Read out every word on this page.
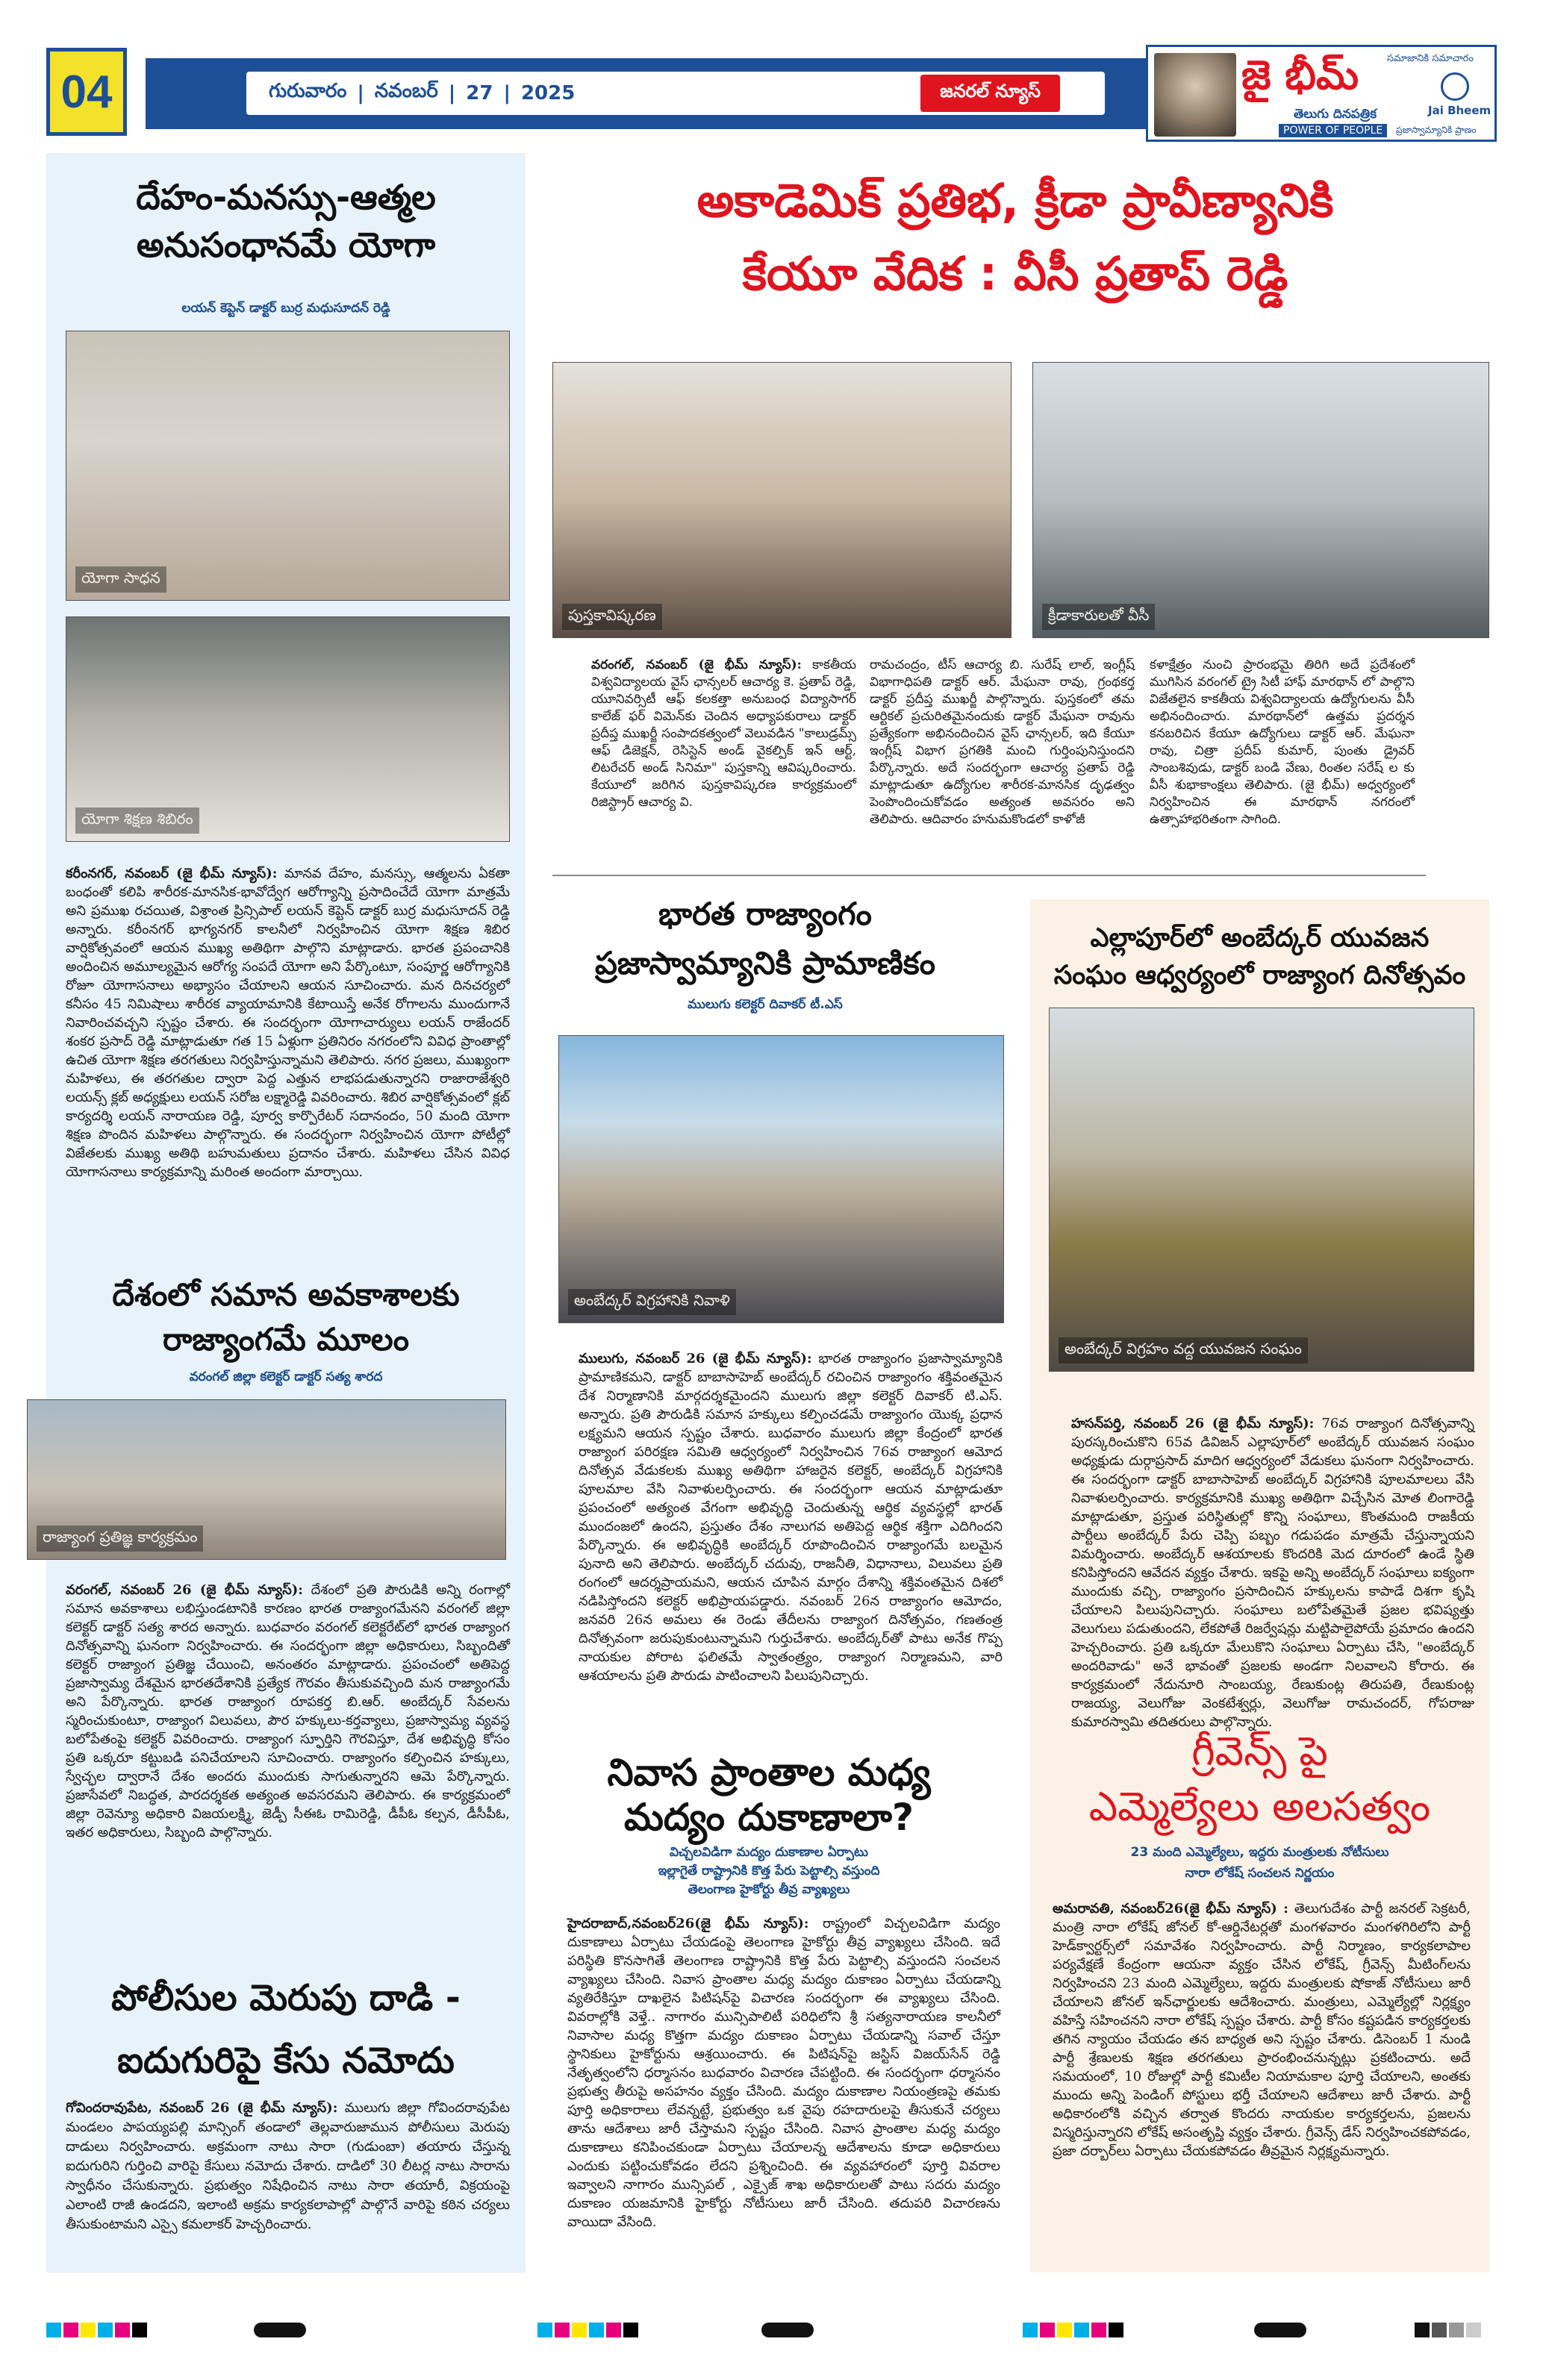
04	గురువారం | నవంబర్ | 27 | 2025	జనరల్ న్యూస్	జై భీమ్	సమాజానికి సమాచారం
తెలుగు దినపత్రిక
POWER OF PEOPLE
Jai Bheem
ప్రజాస్వామ్యానికి ప్రాణం
దేహం-మనస్సు-ఆత్మల
అనుసంధానమే యోగా
లయన్ కెప్టెన్ డాక్టర్ బుర్ర మధుసూదన్ రెడ్డి
యోగా సాధన
యోగా శిక్షణ శిబిరం
కరీంనగర్, నవంబర్ (జై భీమ్ న్యూస్): మానవ దేహం, మనస్సు, ఆత్మలను ఏకతా బంధంతో కలిపి శారీరక-మానసిక-భావోద్వేగ ఆరోగ్యాన్ని ప్రసాదించేదే యోగా మాత్రమే అని ప్రముఖ రచయిత, విశ్రాంత ప్రిన్సిపాల్ లయన్ కెప్టెన్ డాక్టర్ బుర్ర మధుసూదన్ రెడ్డి అన్నారు. కరీంనగర్ భాగ్యనగర్ కాలనీలో నిర్వహించిన యోగా శిక్షణ శిబిర వార్షికోత్సవంలో ఆయన ముఖ్య అతిథిగా పాల్గొని మాట్లాడారు. భారత ప్రపంచానికి అందించిన అమూల్యమైన ఆరోగ్య సంపదే యోగా అని పేర్కొంటూ, సంపూర్ణ ఆరోగ్యానికి రోజూ యోగాసనాలు అభ్యాసం చేయాలని ఆయన సూచించారు. మన దినచర్యలో కనీసం 45 నిమిషాలు శారీరక వ్యాయామానికి కేటాయిస్తే అనేక రోగాలను ముందుగానే నివారించవచ్చని స్పష్టం చేశారు. ఈ సందర్భంగా యోగాచార్యులు లయన్ రాజేందర్ శంకర ప్రసాద్ రెడ్డి మాట్లాడుతూ గత 15 ఏళ్లుగా ప్రతినిరం నగరంలోని వివిధ ప్రాంతాల్లో ఉచిత యోగా శిక్షణ తరగతులు నిర్వహిస్తున్నామని తెలిపారు. నగర ప్రజలు, ముఖ్యంగా మహిళలు, ఈ తరగతుల ద్వారా పెద్ద ఎత్తున లాభపడుతున్నారని రాజారాజేశ్వరి లయన్స్ క్లబ్ అధ్యక్షులు లయన్ సరోజ లక్ష్మారెడ్డి వివరించారు. శిబిర వార్షికోత్సవంలో క్లబ్ కార్యదర్శి లయన్ నారాయణ రెడ్డి, పూర్వ కార్పొరేటర్ సదానందం, 50 మంది యోగా శిక్షణ పొందిన మహిళలు పాల్గొన్నారు. ఈ సందర్భంగా నిర్వహించిన యోగా పోటీల్లో విజేతలకు ముఖ్య అతిథి బహుమతులు ప్రదానం చేశారు. మహిళలు చేసిన వివిధ యోగాసనాలు కార్యక్రమాన్ని మరింత అందంగా మార్చాయి.
దేశంలో సమాన అవకాశాలకు
రాజ్యాంగమే మూలం
వరంగల్ జిల్లా కలెక్టర్ డాక్టర్ సత్య శారద
రాజ్యాంగ ప్రతిజ్ఞ కార్యక్రమం
వరంగల్, నవంబర్ 26 (జై భీమ్ న్యూస్): దేశంలో ప్రతి పౌరుడికి అన్ని రంగాల్లో సమాన అవకాశాలు లభిస్తుండటానికి కారణం భారత రాజ్యాంగమేనని వరంగల్ జిల్లా కలెక్టర్ డాక్టర్ సత్య శారద అన్నారు. బుధవారం వరంగల్ కలెక్టరేట్‌లో భారత రాజ్యాంగ దినోత్సవాన్ని ఘనంగా నిర్వహించారు. ఈ సందర్భంగా జిల్లా అధికారులు, సిబ్బందితో కలెక్టర్ రాజ్యాంగ ప్రతిజ్ఞ చేయించి, అనంతరం మాట్లాడారు. ప్రపంచంలో అతిపెద్ద ప్రజాస్వామ్య దేశమైన భారతదేశానికి ప్రత్యేక గౌరవం తీసుకువచ్చింది మన రాజ్యాంగమే అని పేర్కొన్నారు. భారత రాజ్యాంగ రూపకర్త బి.ఆర్. అంబేద్కర్ సేవలను స్మరించుకుంటూ, రాజ్యాంగ విలువలు, పౌర హక్కులు-కర్తవ్యాలు, ప్రజాస్వామ్య వ్యవస్థ బలోపేతంపై కలెక్టర్ వివరించారు. రాజ్యాంగ స్ఫూర్తిని గౌరవిస్తూ, దేశ అభివృద్ధి కోసం ప్రతి ఒక్కరూ కట్టుబడి పనిచేయాలని సూచించారు. రాజ్యాంగం కల్పించిన హక్కులు, స్వేచ్ఛల ద్వారానే దేశం అందరు ముందుకు సాగుతున్నారని ఆమె పేర్కొన్నారు. ప్రజాసేవలో నిబద్ధత, పారదర్శకత అత్యంత అవసరమని తెలిపారు. ఈ కార్యక్రమంలో జిల్లా రెవెన్యూ అధికారి విజయలక్ష్మి, జెడ్పీ సీఈఓ రామిరెడ్డి, డీపీఓ కల్పన, డీసీపీఓ, ఇతర అధికారులు, సిబ్బంది పాల్గొన్నారు.
పోలీసుల మెరుపు దాడి -
ఐదుగురిపై కేసు నమోదు
గోవిందరావుపేట, నవంబర్ 26 (జై భీమ్ న్యూస్): ములుగు జిల్లా గోవిందరావుపేట మండలం పాపయ్యపల్లి మాన్సింగ్ తండాలో తెల్లవారుజామున పోలీసులు మెరుపు దాడులు నిర్వహించారు. అక్రమంగా నాటు సారా (గుడుంబా) తయారు చేస్తున్న ఐదుగురిని గుర్తించి వారిపై కేసులు నమోదు చేశారు. దాడిలో 30 లీటర్ల నాటు సారాను స్వాధీనం చేసుకున్నారు. ప్రభుత్వం నిషేధించిన నాటు సారా తయారీ, విక్రయంపై ఎలాంటి రాజీ ఉండదని, ఇలాంటి అక్రమ కార్యకలాపాల్లో పాల్గొనే వారిపై కఠిన చర్యలు తీసుకుంటామని ఎస్సై కమలాకర్ హెచ్చరించారు.
అకాడెమిక్ ప్రతిభ, క్రీడా ప్రావీణ్యానికి
కేయూ వేదిక : వీసీ ప్రతాప్ రెడ్డి
పుస్తకావిష్కరణ	క్రీడాకారులతో వీసీ
వరంగల్, నవంబర్ (జై భీమ్ న్యూస్): కాకతీయ విశ్వవిద్యాలయ వైస్ ఛాన్సలర్ ఆచార్య కె. ప్రతాప్ రెడ్డి, యూనివర్సిటీ ఆఫ్ కలకత్తా అనుబంధ విద్యాసాగర్ కాలేజ్ ఫర్ విమెన్‌కు చెందిన అధ్యాపకురాలు డాక్టర్ ప్రదీప్త ముఖర్జీ సంపాదకత్వంలో వెలువడిన "కాలుడ్రమ్స్ ఆఫ్ డిజెక్షన్, రెసిస్టెన్ అండ్ వైకల్పిక్ ఇన్ ఆర్ట్, లిటరేచర్ అండ్ సినిమా" పుస్తకాన్ని ఆవిష్కరించారు. కేయూలో జరిగిన పుస్తకావిష్కరణ కార్యక్రమంలో రిజిస్ట్రార్ ఆచార్య వి.
రామచంద్రం, టీస్ ఆచార్య బి. సురేష్ లాల్, ఇంగ్లీష్ విభాగాధిపతి డాక్టర్ ఆర్. మేఘనా రావు, గ్రంథకర్త డాక్టర్ ప్రదీప్త ముఖర్జీ పాల్గొన్నారు. పుస్తకంలో తమ ఆర్టికల్ ప్రచురితమైనందుకు డాక్టర్ మేఘనా రావును ప్రత్యేకంగా అభినందించిన వైస్ ఛాన్సలర్, ఇది కేయూ ఇంగ్లీష్ విభాగ ప్రగతికి మంచి గుర్తింపునిస్తుందని పేర్కొన్నారు. అదే సందర్భంగా ఆచార్య ప్రతాప్ రెడ్డి మాట్లాడుతూ ఉద్యోగుల శారీరక-మానసిక దృఢత్వం పెంపొందించుకోవడం అత్యంత అవసరం అని తెలిపారు. ఆదివారం హనుమకొండలో కాళోజీ
కళాక్షేత్రం నుంచి ప్రారంభమై తిరిగి అదే ప్రదేశంలో ముగిసిన వరంగల్ ట్రై సిటీ హాఫ్ మారథాన్ లో పాల్గొని విజేతలైన కాకతీయ విశ్వవిద్యాలయ ఉద్యోగులను వీసీ అభినందించారు. మారథాన్‌లో ఉత్తమ ప్రదర్శన కనబరిచిన కేయూ ఉద్యోగులు డాక్టర్ ఆర్. మేఘనా రావు, చిత్రా ప్రదీప్ కుమార్, పుంతు డ్రైవర్ సాంబశివుడు, డాక్టర్ బండి వేణు, రింతల సరేష్ ల కు వీసీ శుభాకాంక్షలు తెలిపారు. (జై భీమ్) అధ్వర్యంలో నిర్వహించిన ఈ మారథాన్ నగరంలో ఉత్సాహాభరితంగా సాగింది.
భారత రాజ్యాంగం
ప్రజాస్వామ్యానికి ప్రామాణికం
ములుగు కలెక్టర్ దివాకర్ టీ.ఎస్
అంబేద్కర్ విగ్రహానికి నివాళి
ములుగు, నవంబర్ 26 (జై భీమ్ న్యూస్): భారత రాజ్యాంగం ప్రజాస్వామ్యానికి ప్రామాణికమని, డాక్టర్ బాబాసాహెబ్ అంబేద్కర్ రచించిన రాజ్యాంగం శక్తివంతమైన దేశ నిర్మాణానికి మార్గదర్శకమైందని ములుగు జిల్లా కలెక్టర్ దివాకర్ టి.ఎస్. అన్నారు. ప్రతి పౌరుడికి సమాన హక్కులు కల్పించడమే రాజ్యాంగం యొక్క ప్రధాన లక్ష్యమని ఆయన స్పష్టం చేశారు. బుధవారం ములుగు జిల్లా కేంద్రంలో భారత రాజ్యాంగ పరిరక్షణ సమితి ఆధ్వర్యంలో నిర్వహించిన 76వ రాజ్యాంగ ఆమోద దినోత్సవ వేడుకలకు ముఖ్య అతిథిగా హాజరైన కలెక్టర్, అంబేద్కర్ విగ్రహానికి పూలమాల వేసి నివాళులర్పించారు. ఈ సందర్భంగా ఆయన మాట్లాడుతూ ప్రపంచంలో అత్యంత వేగంగా అభివృద్ధి చెందుతున్న ఆర్థిక వ్యవస్థల్లో భారత్ ముందంజలో ఉందని, ప్రస్తుతం దేశం నాలుగవ అతిపెద్ద ఆర్థిక శక్తిగా ఎదిగిందని పేర్కొన్నారు. ఈ అభివృద్ధికి అంబేద్కర్ రూపొందించిన రాజ్యాంగమే బలమైన పునాది అని తెలిపారు. అంబేద్కర్ చదువు, రాజనీతి, విధానాలు, విలువలు ప్రతి రంగంలో ఆదర్శప్రాయమని, ఆయన చూపిన మార్గం దేశాన్ని శక్తివంతమైన దిశలో నడిపిస్తోందని కలెక్టర్ అభిప్రాయపడ్డారు. నవంబర్ 26న రాజ్యాంగం ఆమోదం, జనవరి 26న అమలు ఈ రెండు తేదీలను రాజ్యాంగ దినోత్సవం, గణతంత్ర దినోత్సవంగా జరుపుకుంటున్నామని గుర్తుచేశారు. అంబేద్కర్‌తో పాటు అనేక గొప్ప నాయకుల పోరాట ఫలితమే స్వాతంత్ర్యం, రాజ్యాంగ నిర్మాణమని, వారి ఆశయాలను ప్రతి పౌరుడు పాటించాలని పిలుపునిచ్చారు.
నివాస ప్రాంతాల మధ్య
మద్యం దుకాణాలా?
విచ్చలవిడిగా మద్యం దుకాణాల ఏర్పాటు
ఇల్లాగైతే రాష్ట్రానికి కొత్త పేరు పెట్టాల్సి వస్తుంది
తెలంగాణ హైకోర్టు తీవ్ర వ్యాఖ్యలు
హైదరాబాద్,నవంబర్26(జై భీమ్ న్యూస్): రాష్ట్రంలో విచ్చలవిడిగా మద్యం దుకాణాలు ఏర్పాటు చేయడంపై తెలంగాణ హైకోర్టు తీవ్ర వ్యాఖ్యలు చేసింది. ఇదే పరిస్థితి కొనసాగితే తెలంగాణ రాష్ట్రానికి కొత్త పేరు పెట్టాల్సి వస్తుందని సంచలన వ్యాఖ్యలు చేసింది. నివాస ప్రాంతాల మధ్య మద్యం దుకాణం ఏర్పాటు చేయడాన్ని వ్యతిరేకిస్తూ దాఖలైన పిటిషన్‌పై విచారణ సందర్భంగా ఈ వ్యాఖ్యలు చేసింది. వివరాల్లోకి వెళ్తే.. నాగారం మున్సిపాలిటీ పరిధిలోని శ్రీ సత్యనారాయణ కాలనీలో నివాసాల మధ్య కొత్తగా మద్యం దుకాణం ఏర్పాటు చేయడాన్ని సవాల్ చేస్తూ స్థానికులు హైకోర్టును ఆశ్రయించారు. ఈ పిటిషన్‌పై జస్టిస్ విజయ్‌సేన్ రెడ్డి నేతృత్వంలోని ధర్మాసనం బుధవారం విచారణ చేపట్టింది. ఈ సందర్భంగా ధర్మాసనం ప్రభుత్వ తీరుపై అసహనం వ్యక్తం చేసింది. మద్యం దుకాణాల నియంత్రణపై తమకు పూర్తి అధికారాలు లేవన్నట్టే, ప్రభుత్వం ఒక వైపు రహదారులపై తీసుకునే చర్యలు తాను ఆదేశాలు జారీ చేస్తామని స్పష్టం చేసింది. నివాస ప్రాంతాల మధ్య మద్యం దుకాణాలు కనిపించకుండా ఏర్పాటు చేయాలన్న ఆదేశాలను కూడా అధికారులు ఎందుకు పట్టించుకోవడం లేదని ప్రశ్నించింది. ఈ వ్యవహారంలో పూర్తి వివరాల ఇవ్వాలని నాగారం మున్సిపల్ , ఎక్సైజ్ శాఖ అధికారులతో పాటు సదరు మద్యం దుకాణం యజమానికి హైకోర్టు నోటీసులు జారీ చేసింది. తదుపరి విచారణను వాయిదా వేసింది.
ఎల్లాపూర్‌లో అంబేద్కర్ యువజన
సంఘం ఆధ్వర్యంలో రాజ్యాంగ దినోత్సవం
అంబేద్కర్ విగ్రహం వద్ద యువజన సంఘం
హసన్‌పర్తి, నవంబర్ 26 (జై భీమ్ న్యూస్): 76వ రాజ్యాంగ దినోత్సవాన్ని పురస్కరించుకొని 65వ డివిజన్ ఎల్లాపూర్‌లో అంబేద్కర్ యువజన సంఘం అధ్యక్షుడు దుర్గాప్రసాద్ మాదిగ ఆధ్వర్యంలో వేడుకలు ఘనంగా నిర్వహించారు. ఈ సందర్భంగా డాక్టర్ బాబాసాహెబ్ అంబేద్కర్ విగ్రహానికి పూలమాలలు వేసి నివాళులర్పించారు. కార్యక్రమానికి ముఖ్య అతిథిగా విచ్చేసిన మోత లింగారెడ్డి మాట్లాడుతూ, ప్రస్తుత పరిస్థితుల్లో కొన్ని సంఘాలు, కొంతమంది రాజకీయ పార్టీలు అంబేద్కర్ పేరు చెప్పి పబ్బం గడుపడం మాత్రమే చేస్తున్నాయని విమర్శించారు. అంబేద్కర్ ఆశయాలకు కొందరికి మెద దూరంలో ఉండే స్థితి కనిపిస్తోందని ఆవేదన వ్యక్తం చేశారు. ఇకపై అన్ని అంబేద్కర్ సంఘాలు ఐక్యంగా ముందుకు వచ్చి, రాజ్యాంగం ప్రసాదించిన హక్కులను కాపాడే దిశగా కృషి చేయాలని పిలుపునిచ్చారు. సంఘాలు బలోపేతమైతే ప్రజల భవిష్యత్తు వెలుగులు పడుతుందని, లేకపోతే రిజర్వేషన్లు మట్టిపాలైపోయే ప్రమాదం ఉందని హెచ్చరించారు. ప్రతి ఒక్కరూ మేలుకొని సంఘాలు ఏర్పాటు చేసి, "అంబేద్కర్ అందరివాడు" అనే భావంతో ప్రజలకు అండగా నిలవాలని కోరారు. ఈ కార్యక్రమంలో నేదునూరి సాంబయ్య, రేణుకుంట్ల తిరుపతి, రేణుకుంట్ల రాజయ్య, వెలుగోజు వెంకటేశ్వర్లు, వెలుగోజు రామచందర్, గోపరాజు కుమారస్వామి తదితరులు పాల్గొన్నారు.
గ్రీవెన్స్ పై
ఎమ్మెల్యేలు అలసత్వం
23 మంది ఎమ్మెల్యేలు, ఇద్దరు మంత్రులకు నోటీసులు
నారా లోకేష్ సంచలన నిర్ణయం
అమరావతి, నవంబర్26(జై భీమ్ న్యూస్) : తెలుగుదేశం పార్టీ జనరల్ సెక్రటరీ, మంత్రి నారా లోకేష్ జోనల్ కో-ఆర్డినేటర్లతో మంగళవారం మంగళగిరిలోని పార్టీ హెడ్‌క్వార్టర్స్‌లో సమావేశం నిర్వహించారు. పార్టీ నిర్మాణం, కార్యకలాపాల పర్యవేక్షణే కేంద్రంగా ఆయనా వ్యక్తం చేసిన లోకేష్, గ్రీవెన్స్ మీటింగ్‌లను నిర్వహించని 23 మంది ఎమ్మెల్యేలు, ఇద్దరు మంత్రులకు షోకాజ్ నోటీసులు జారీ చేయాలని జోనల్ ఇన్‌ఛార్జులకు ఆదేశించారు. మంత్రులు, ఎమ్మెల్యేల్లో నిర్లక్ష్యం వహిస్తే సహించనని నారా లోకేష్ స్పష్టం చేశారు. పార్టీ కోసం కష్టపడిన కార్యకర్తలకు తగిన న్యాయం చేయడం తన బాధ్యత అని స్పష్టం చేశారు. డిసెంబర్ 1 నుండి పార్టీ శ్రేణులకు శిక్షణ తరగతులు ప్రారంభించనున్నట్లు ప్రకటించారు. అదే సమయంలో, 10 రోజుల్లో పార్టీ కమిటీల నియామకాల పూర్తి చేయాలని, అంతకు ముందు అన్ని పెండింగ్ పోస్టులు భర్తీ చేయాలని ఆదేశాలు జారీ చేశారు. పార్టీ అధికారంలోకి వచ్చిన తర్వాత కొందరు నాయకుల కార్యకర్తలను, ప్రజలను విస్మరిస్తున్నారని లోకేష్ అసంతృప్తి వ్యక్తం చేశారు. గ్రీవెన్స్ డేస్ నిర్వహించకపోవడం, ప్రజా దర్బార్‌లు ఏర్పాటు చేయకపోవడం తీవ్రమైన నిర్లక్ష్యమన్నారు.
